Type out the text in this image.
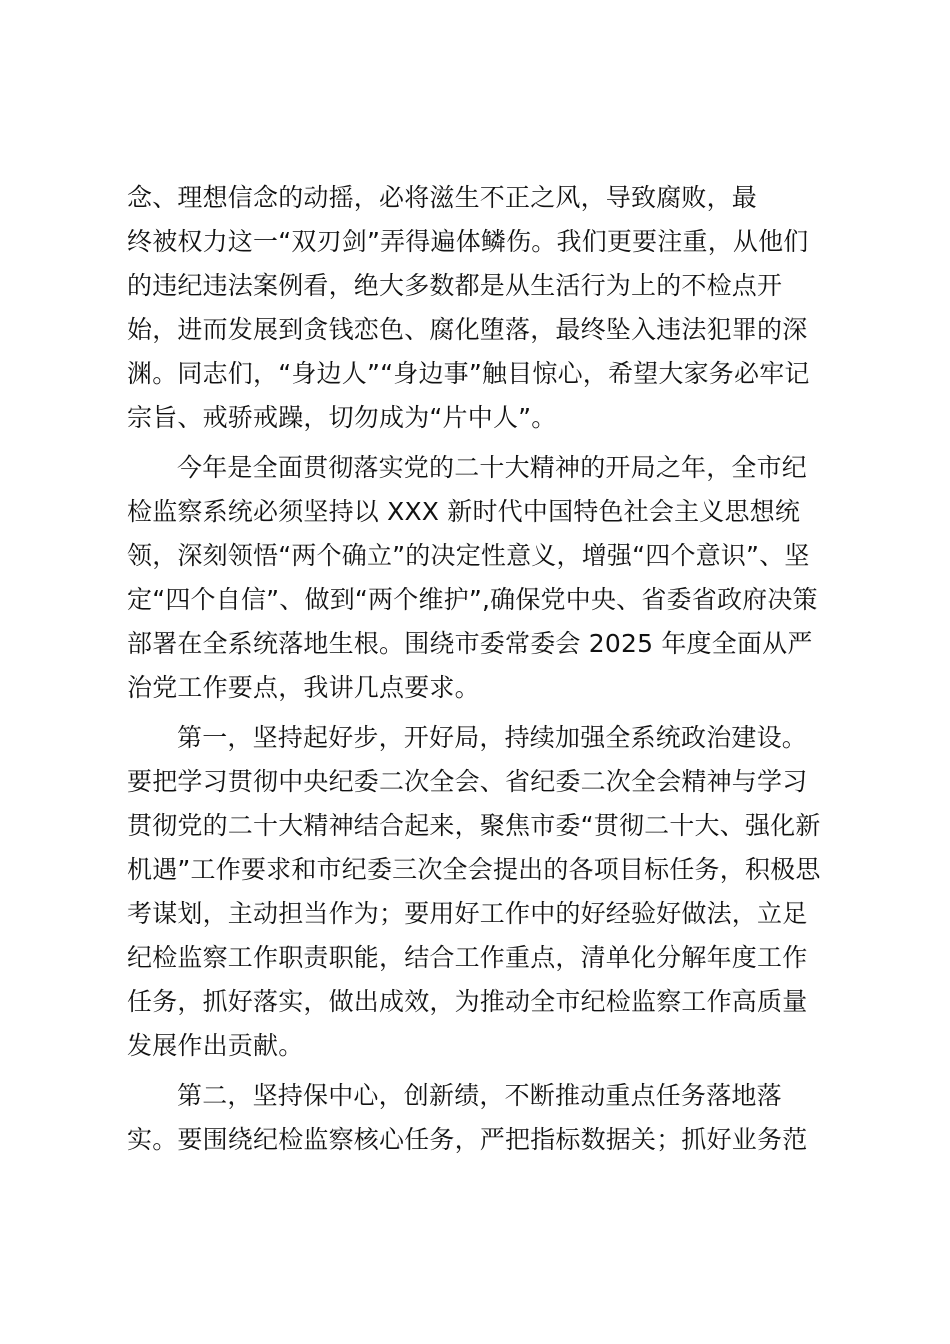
念、理想信念的动摇，必将滋生不正之风，导致腐败，最
终被权力这一“双刃剑”弄得遍体鳞伤。我们更要注重，从他们
的违纪违法案例看，绝大多数都是从生活行为上的不检点开
始，进而发展到贪钱恋色、腐化堕落，最终坠入违法犯罪的深
渊。同志们，“身边人”“身边事”触目惊心，希望大家务必牢记
宗旨、戒骄戒躁，切勿成为“片中人”。
今年是全面贯彻落实党的二十大精神的开局之年，全市纪
检监察系统必须坚持以 XXX 新时代中国特色社会主义思想统
领，深刻领悟“两个确立”的决定性意义，增强“四个意识”、坚
定“四个自信”、做到“两个维护”,确保党中央、省委省政府决策
部署在全系统落地生根。围绕市委常委会 2025 年度全面从严
治党工作要点，我讲几点要求。
第一，坚持起好步，开好局，持续加强全系统政治建设。
要把学习贯彻中央纪委二次全会、省纪委二次全会精神与学习
贯彻党的二十大精神结合起来，聚焦市委“贯彻二十大、强化新
机遇”工作要求和市纪委三次全会提出的各项目标任务，积极思
考谋划，主动担当作为；要用好工作中的好经验好做法，立足
纪检监察工作职责职能，结合工作重点，清单化分解年度工作
任务，抓好落实，做出成效，为推动全市纪检监察工作高质量
发展作出贡献。
第二，坚持保中心，创新绩，不断推动重点任务落地落
实。要围绕纪检监察核心任务，严把指标数据关；抓好业务范
